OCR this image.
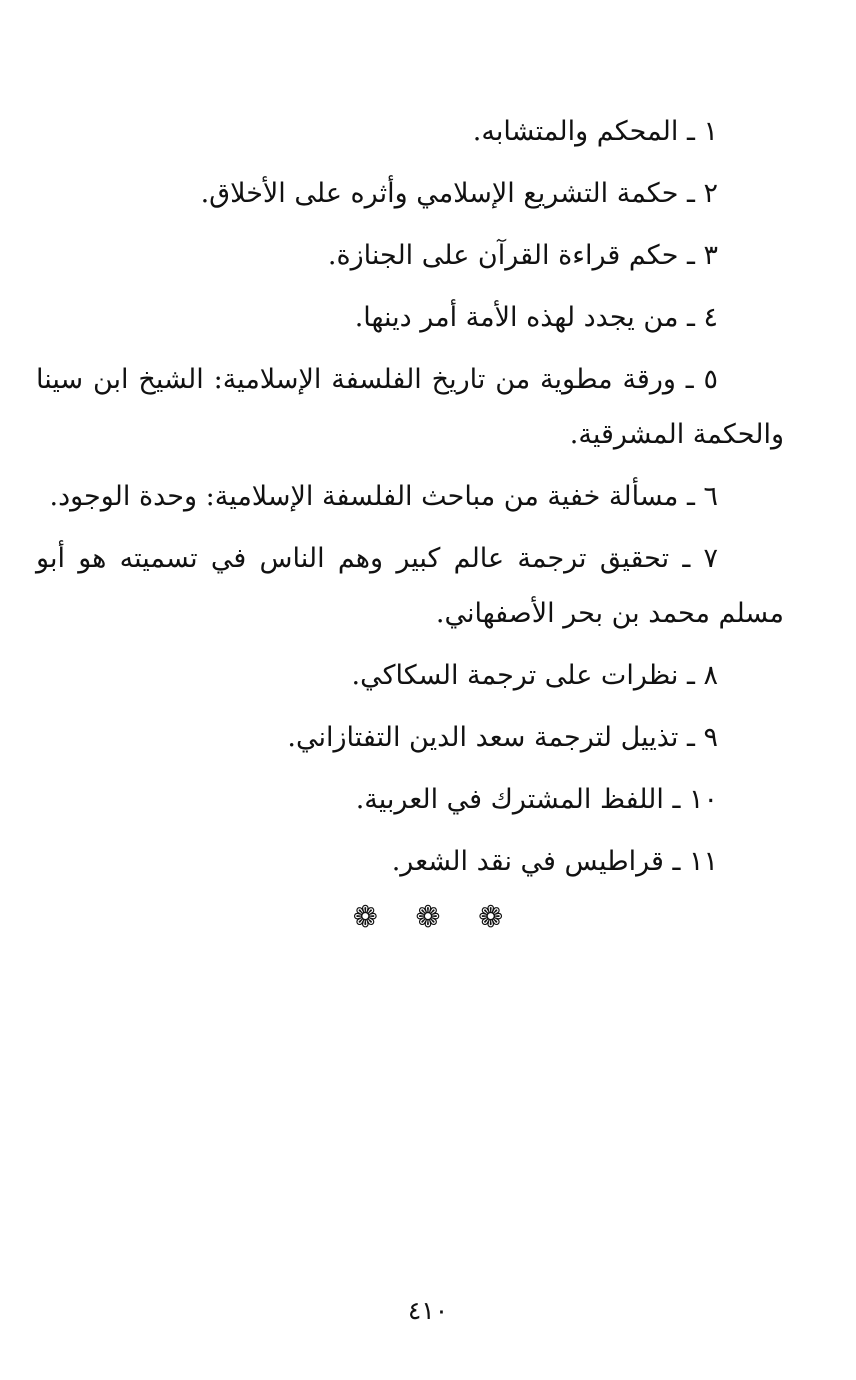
١ ـ المحكم والمتشابه.

٢ ـ حكمة التشريع الإسلامي وأثره على الأخلاق.

٣ ـ حكم قراءة القرآن على الجنازة.

٤ ـ من يجدد لهذه الأمة أمر دينها.

٥ ـ ورقة مطوية من تاريخ الفلسفة الإسلامية: الشيخ ابن سينا والحكمة المشرقية.

٦ ـ مسألة خفية من مباحث الفلسفة الإسلامية: وحدة الوجود.

٧ ـ تحقيق ترجمة عالم كبير وهم الناس في تسميته هو أبو مسلم محمد بن بحر الأصفهاني.

٨ ـ نظرات على ترجمة السكاكي.

٩ ـ تذييل لترجمة سعد الدين التفتازاني.

١٠ ـ اللفظ المشترك في العربية.

١١ ـ قراطيس في نقد الشعر.

❁ ❁ ❁
٤١٠
